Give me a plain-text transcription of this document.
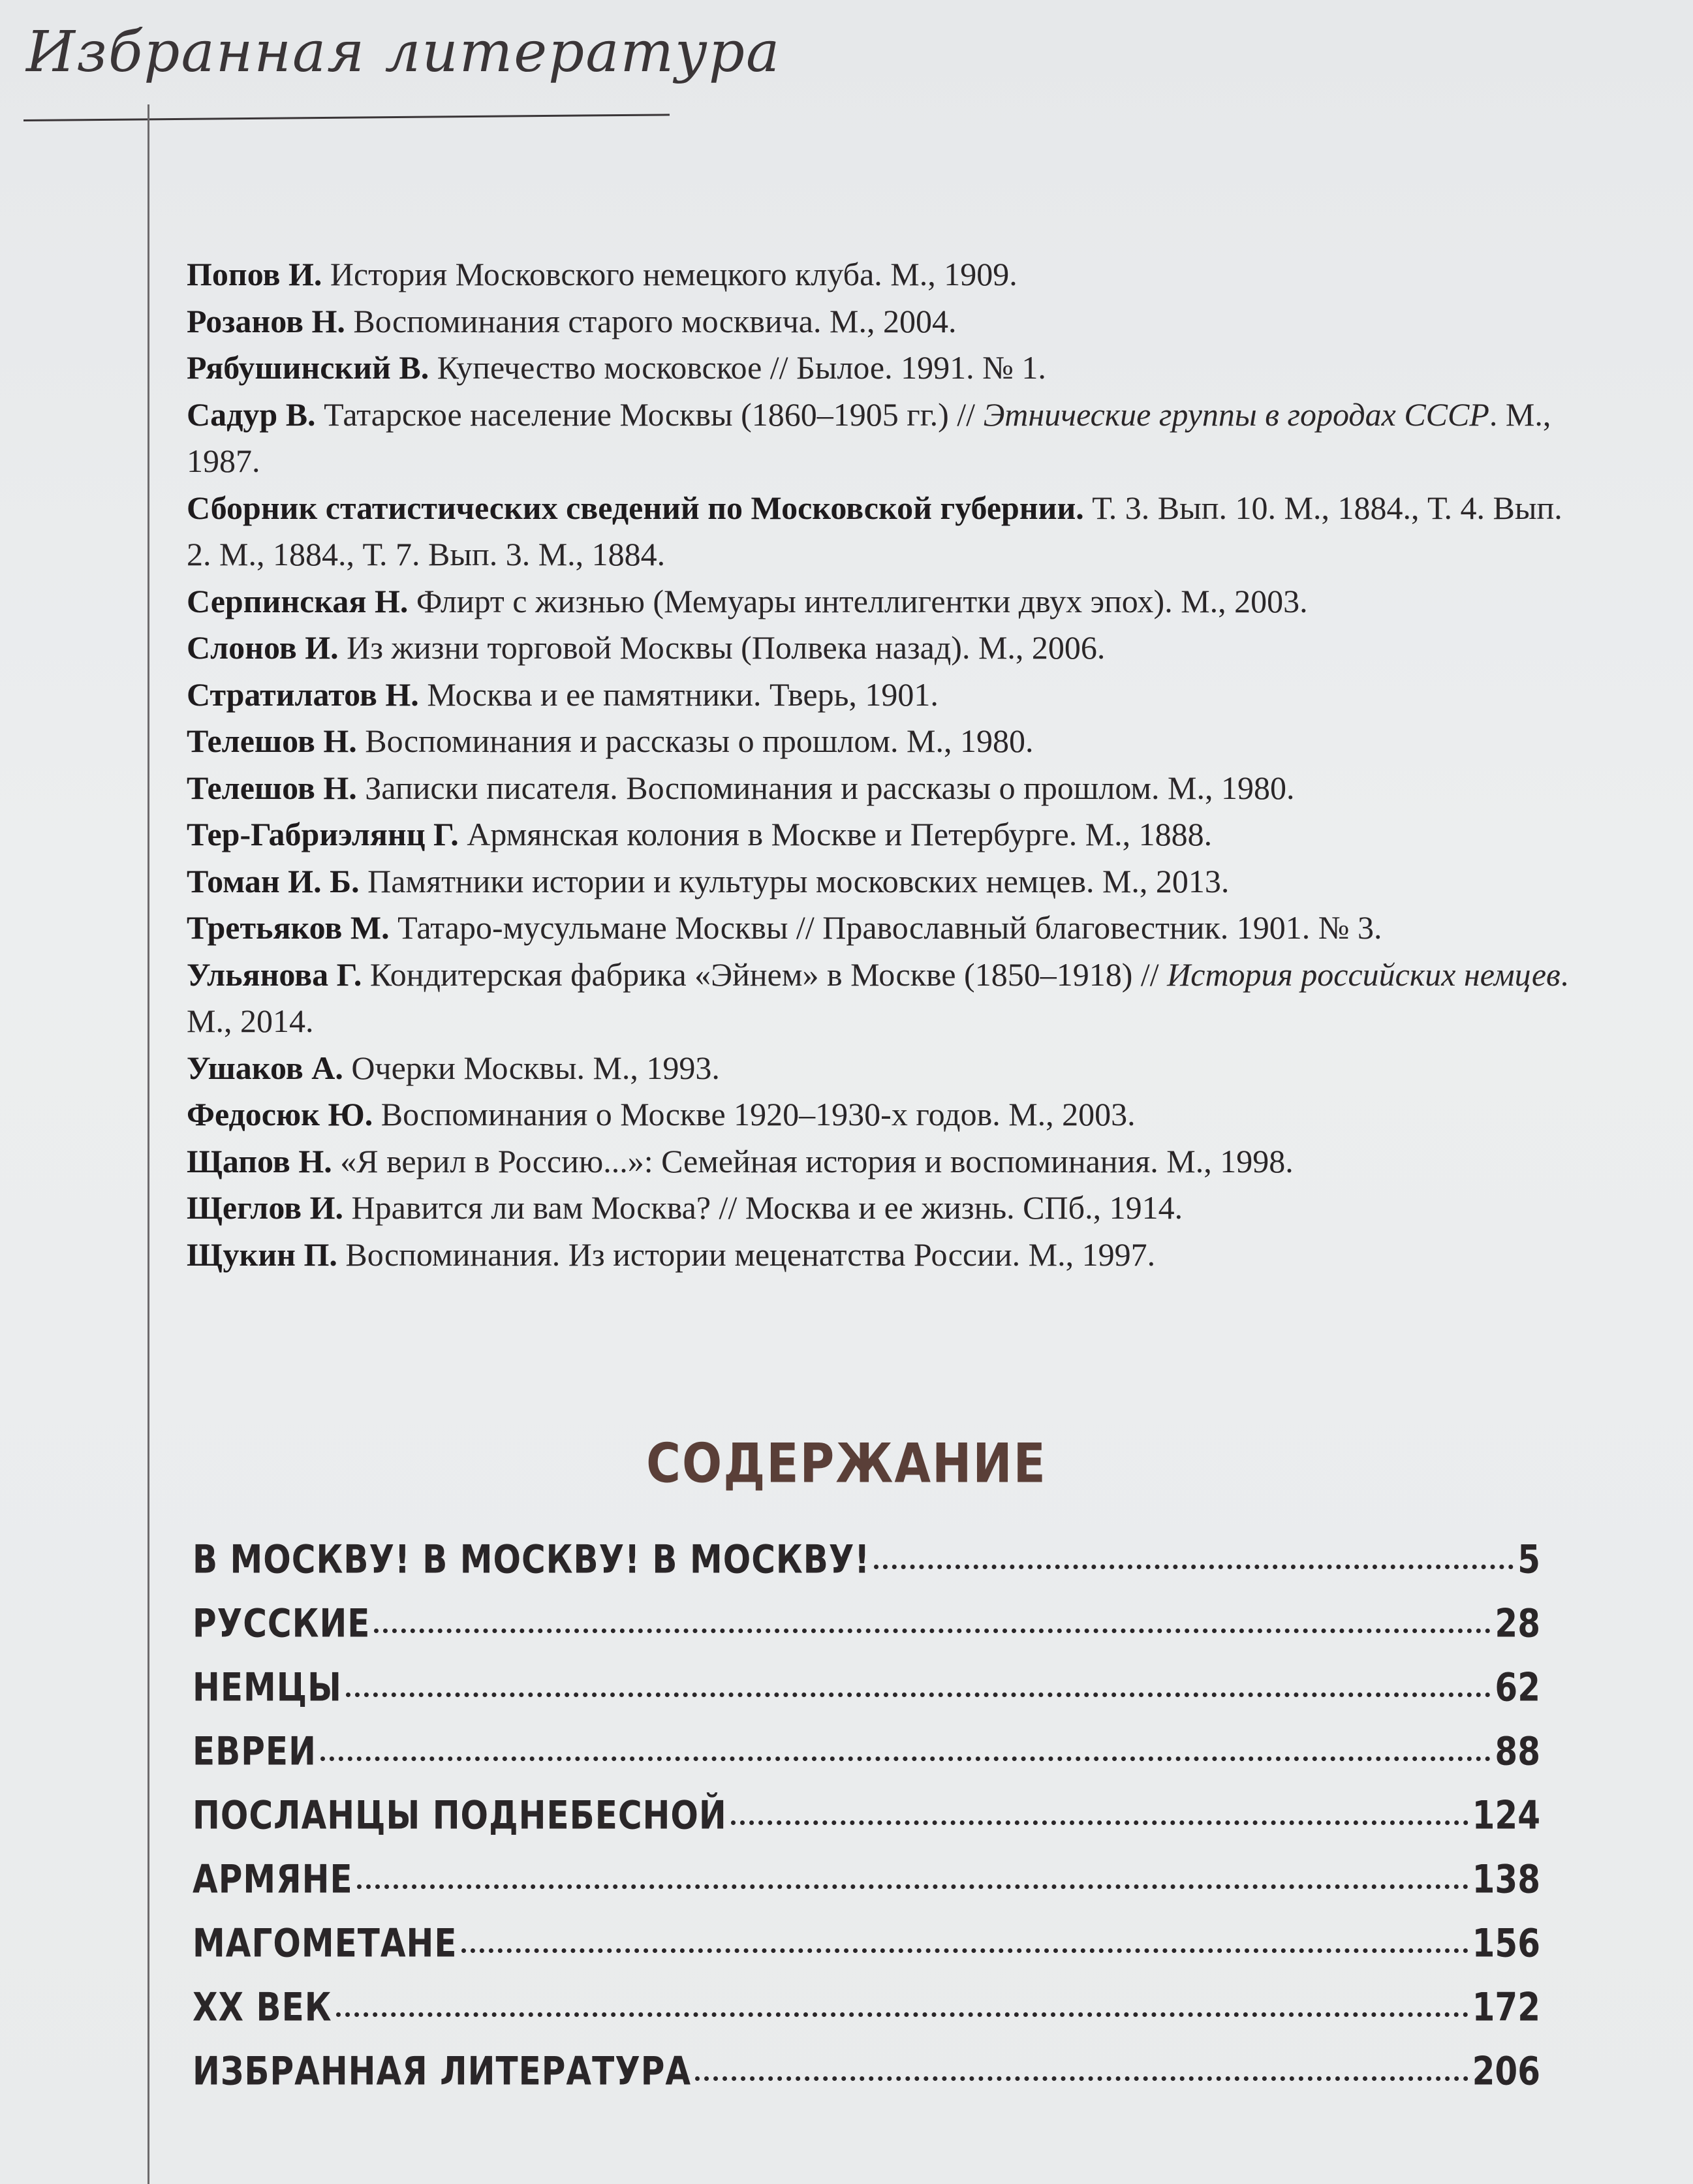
Избранная литература

Попов И. История Московского немецкого клуба. М., 1909.

Розанов Н. Воспоминания старого москвича. М., 2004.

Рябушинский В. Купечество московское // Былое. 1991. № 1.

Садур В. Татарское население Москвы (1860–1905 гг.) // Этнические группы в городах СССР. М., 1987.

Сборник статистических сведений по Московской губернии. Т. 3. Вып. 10. М., 1884., Т. 4. Вып. 2. М., 1884., Т. 7. Вып. 3. М., 1884.

Серпинская Н. Флирт с жизнью (Мемуары интеллигентки двух эпох). М., 2003.

Слонов И. Из жизни торговой Москвы (Полвека назад). М., 2006.

Стратилатов Н. Москва и ее памятники. Тверь, 1901.

Телешов Н. Воспоминания и рассказы о прошлом. М., 1980.

Телешов Н. Записки писателя. Воспоминания и рассказы о прошлом. М., 1980.

Тер-Габриэлянц Г. Армянская колония в Москве и Петербурге. М., 1888.

Томан И. Б. Памятники истории и культуры московских немцев. М., 2013.

Третьяков М. Татаро-мусульмане Москвы // Православный благовестник. 1901. № 3.

Ульянова Г. Кондитерская фабрика «Эйнем» в Москве (1850–1918) // История российских немцев. М., 2014.

Ушаков А. Очерки Москвы. М., 1993.

Федосюк Ю. Воспоминания о Москве 1920–1930-х годов. М., 2003.

Щапов Н. «Я верил в Россию...»: Семейная история и воспоминания. М., 1998.

Щеглов И. Нравится ли вам Москва? // Москва и ее жизнь. СПб., 1914.

Щукин П. Воспоминания. Из истории меценатства России. М., 1997.

СОДЕРЖАНИЕ
В МОСКВУ! В МОСКВУ! В МОСКВУ!	5
РУССКИЕ	28
НЕМЦЫ	62
ЕВРЕИ	88
ПОСЛАНЦЫ ПОДНЕБЕСНОЙ	124
АРМЯНЕ	138
МАГОМЕТАНЕ	156
XX ВЕК	172
ИЗБРАННАЯ ЛИТЕРАТУРА	206
